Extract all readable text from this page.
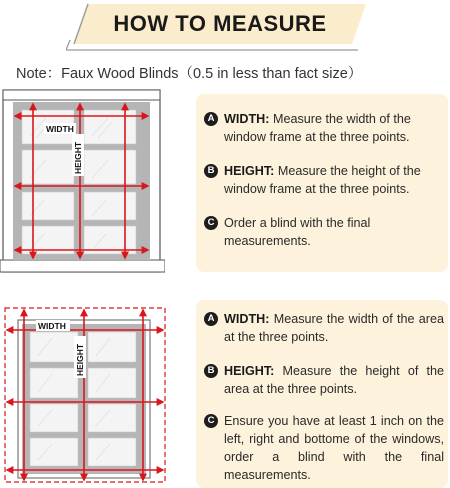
HOW TO MEASURE
Note：Faux Wood Blinds（0.5 in less than fact size）
WIDTH
HEIGHT
WIDTH
HEIGHT
A WIDTH: Measure the width of the window frame at the three points.
B HEIGHT: Measure the height of the window frame at the three points.
C Order a blind with the final measurements.
A WIDTH: Measure the width of the area at the three points.
B HEIGHT: Measure the height of the area at the three points.
C Ensure you have at least 1 inch on the left, right and bottome of the windows, order a blind with the final measurements.
